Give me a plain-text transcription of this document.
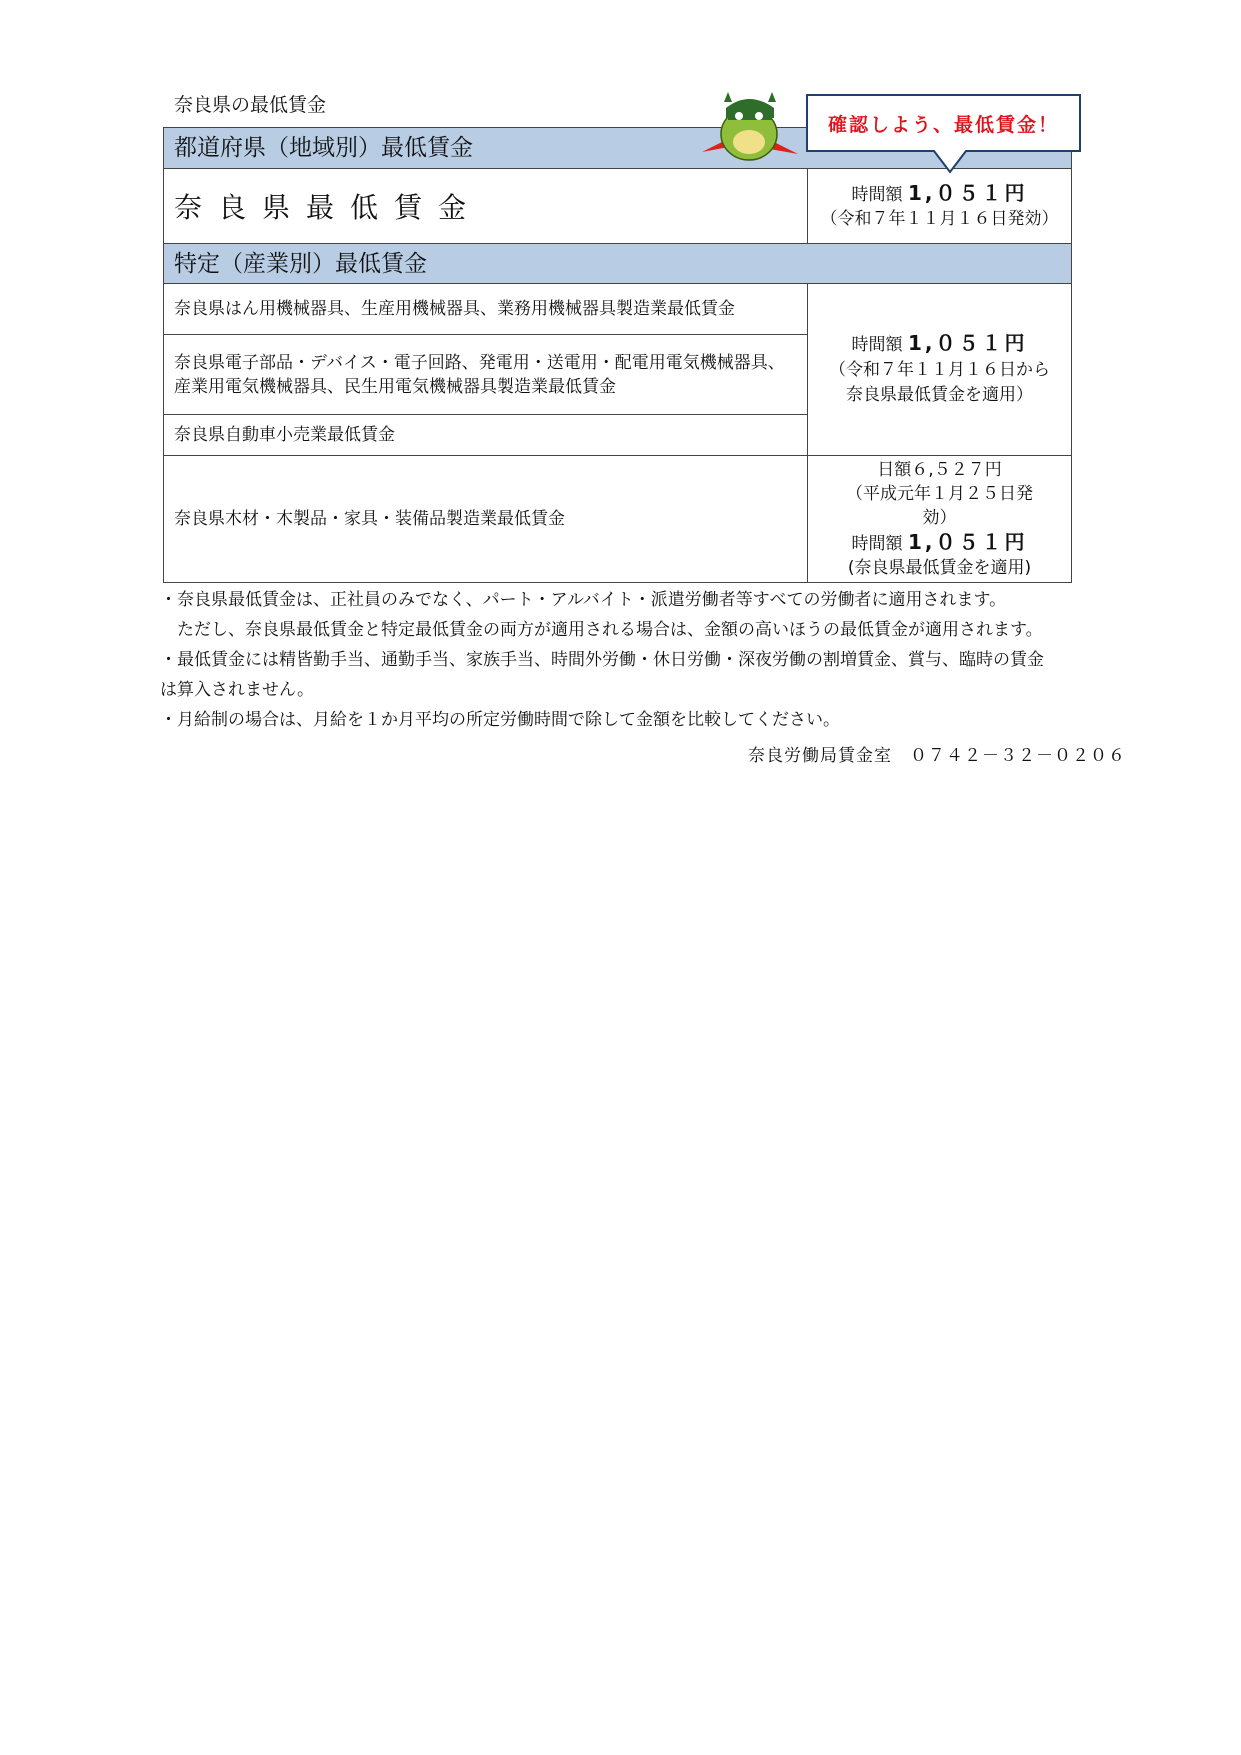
奈良県の最低賃金
都道府県（地域別）最低賃金
奈良県最低賃金	時間額 1,０５１円
（令和７年１１月１６日発効）
特定（産業別）最低賃金
奈良県はん用機械器具、生産用機械器具、業務用機械器具製造業最低賃金
奈良県電子部品・デバイス・電子回路、発電用・送電用・配電用電気機械器具、産業用電気機械器具、民生用電気機械器具製造業最低賃金
奈良県自動車小売業最低賃金
時間額 1,０５１円
（令和７年１１月１６日から
奈良県最低賃金を適用）
奈良県木材・木製品・家具・装備品製造業最低賃金
日額６,５２７円
（平成元年１月２５日発
効）
時間額 1,０５１円
(奈良県最低賃金を適用)
確認しよう、最低賃金！
・奈良県最低賃金は、正社員のみでなく、パート・アルバイト・派遣労働者等すべての労働者に適用されます。
　ただし、奈良県最低賃金と特定最低賃金の両方が適用される場合は、金額の高いほうの最低賃金が適用されます。
・最低賃金には精皆勤手当、通勤手当、家族手当、時間外労働・休日労働・深夜労働の割増賃金、賞与、臨時の賃金
は算入されません。
・月給制の場合は、月給を１か月平均の所定労働時間で除して金額を比較してください。
奈良労働局賃金室　０７４２－３２－０２０６
